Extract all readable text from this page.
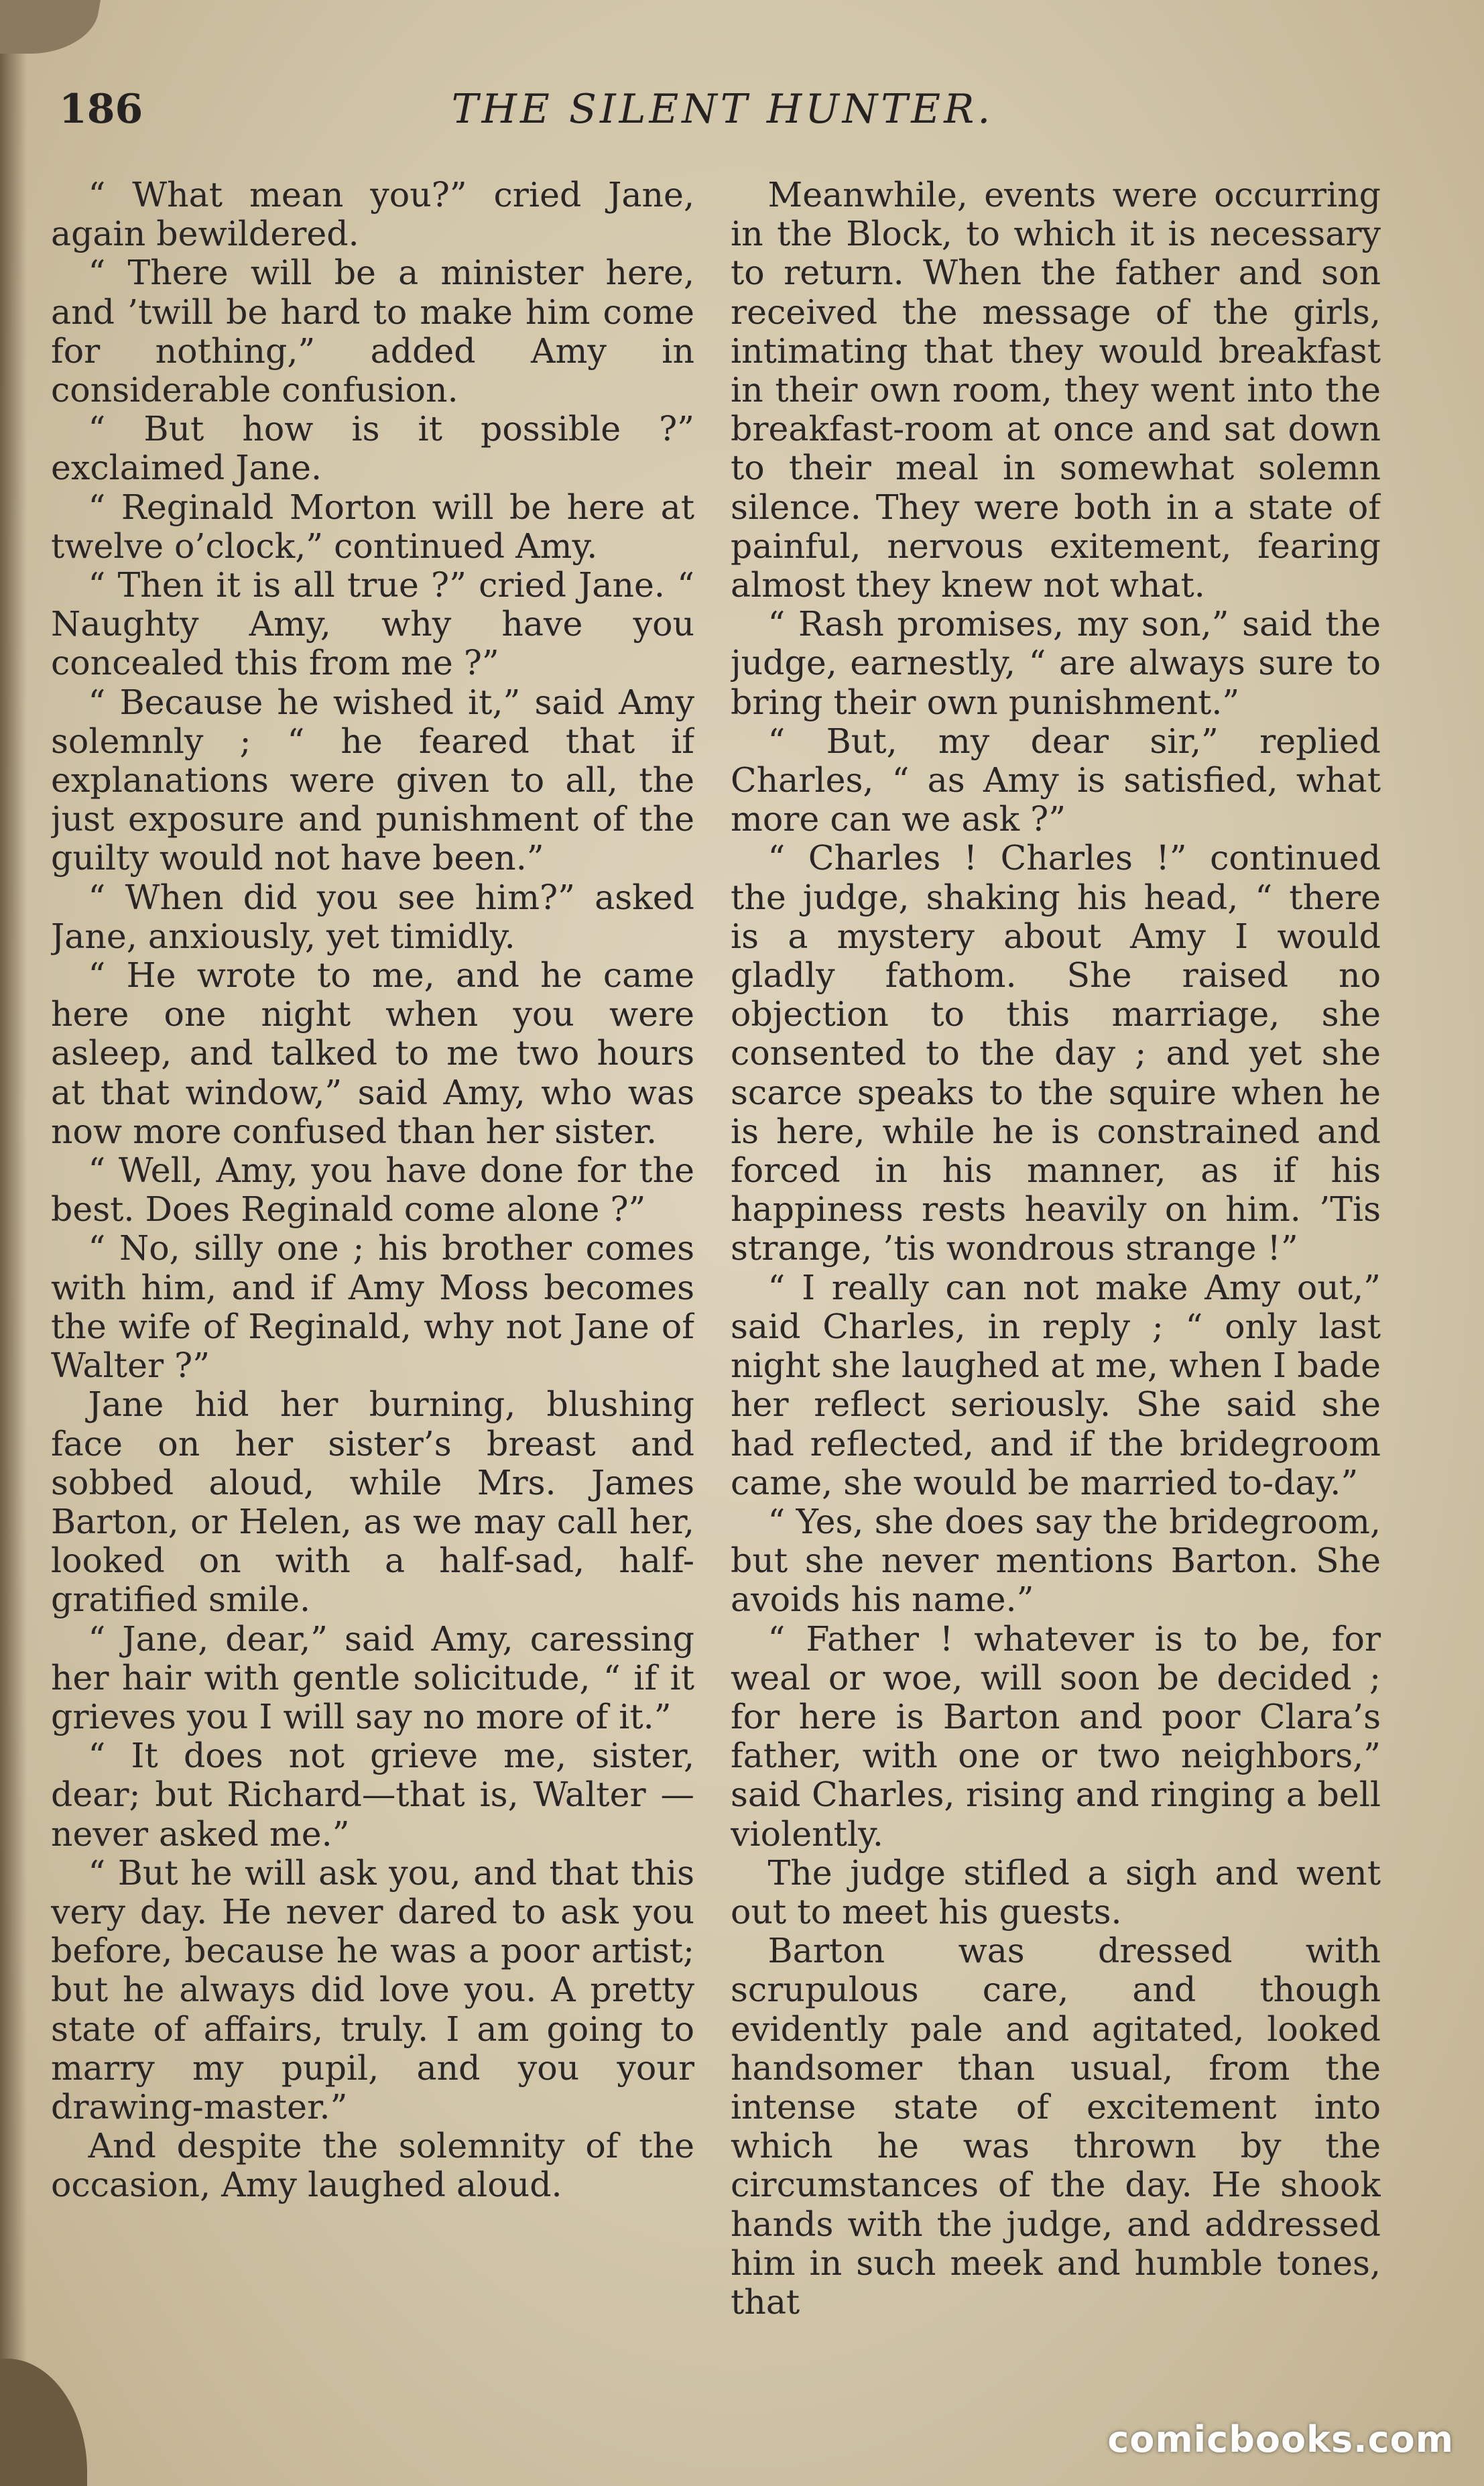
186	THE SILENT HUNTER.

“ What mean you?” cried Jane, again bewildered.

“ There will be a minister here, and ’twill be hard to make him come for nothing,” added Amy in considerable confusion.

“ But how is it possible ?” exclaimed Jane.

“ Reginald Morton will be here at twelve o’clock,” continued Amy.

“ Then it is all true ?” cried Jane. “ Naughty Amy, why have you concealed this from me ?”

“ Because he wished it,” said Amy solemnly ; “ he feared that if explanations were given to all, the just exposure and punishment of the guilty would not have been.”

“ When did you see him?” asked Jane, anxiously, yet timidly.

“ He wrote to me, and he came here one night when you were asleep, and talked to me two hours at that window,” said Amy, who was now more confused than her sister.

“ Well, Amy, you have done for the best. Does Reginald come alone ?”

“ No, silly one ; his brother comes with him, and if Amy Moss becomes the wife of Reginald, why not Jane of Walter ?”

Jane hid her burning, blushing face on her sister’s breast and sobbed aloud, while Mrs. James Barton, or Helen, as we may call her, looked on with a half-sad, half-gratified smile.

“ Jane, dear,” said Amy, caressing her hair with gentle solicitude, “ if it grieves you I will say no more of it.”

“ It does not grieve me, sister, dear; but Richard—that is, Walter —never asked me.”

“ But he will ask you, and that this very day. He never dared to ask you before, because he was a poor artist; but he always did love you. A pretty state of affairs, truly. I am going to marry my pupil, and you your drawing-master.”

And despite the solemnity of the occasion, Amy laughed aloud.

Meanwhile, events were occurring in the Block, to which it is necessary to return. When the father and son received the message of the girls, intimating that they would breakfast in their own room, they went into the breakfast-room at once and sat down to their meal in somewhat solemn silence. They were both in a state of painful, nervous exitement, fearing almost they knew not what.

“ Rash promises, my son,” said the judge, earnestly, “ are always sure to bring their own punishment.”

“ But, my dear sir,” replied Charles, “ as Amy is satisfied, what more can we ask ?”

“ Charles ! Charles !” continued the judge, shaking his head, “ there is a mystery about Amy I would gladly fathom. She raised no objection to this marriage, she consented to the day ; and yet she scarce speaks to the squire when he is here, while he is constrained and forced in his manner, as if his happiness rests heavily on him. ’Tis strange, ’tis wondrous strange !”

“ I really can not make Amy out,” said Charles, in reply ; “ only last night she laughed at me, when I bade her reflect seriously. She said she had reflected, and if the bridegroom came, she would be married to-day.”

“ Yes, she does say the bridegroom, but she never mentions Barton. She avoids his name.”

“ Father ! whatever is to be, for weal or woe, will soon be decided ; for here is Barton and poor Clara’s father, with one or two neighbors,” said Charles, rising and ringing a bell violently.

The judge stifled a sigh and went out to meet his guests.

Barton was dressed with scrupulous care, and though evidently pale and agitated, looked handsomer than usual, from the intense state of excitement into which he was thrown by the circumstances of the day. He shook hands with the judge, and addressed him in such meek and humble tones, that

comicbooks.com
